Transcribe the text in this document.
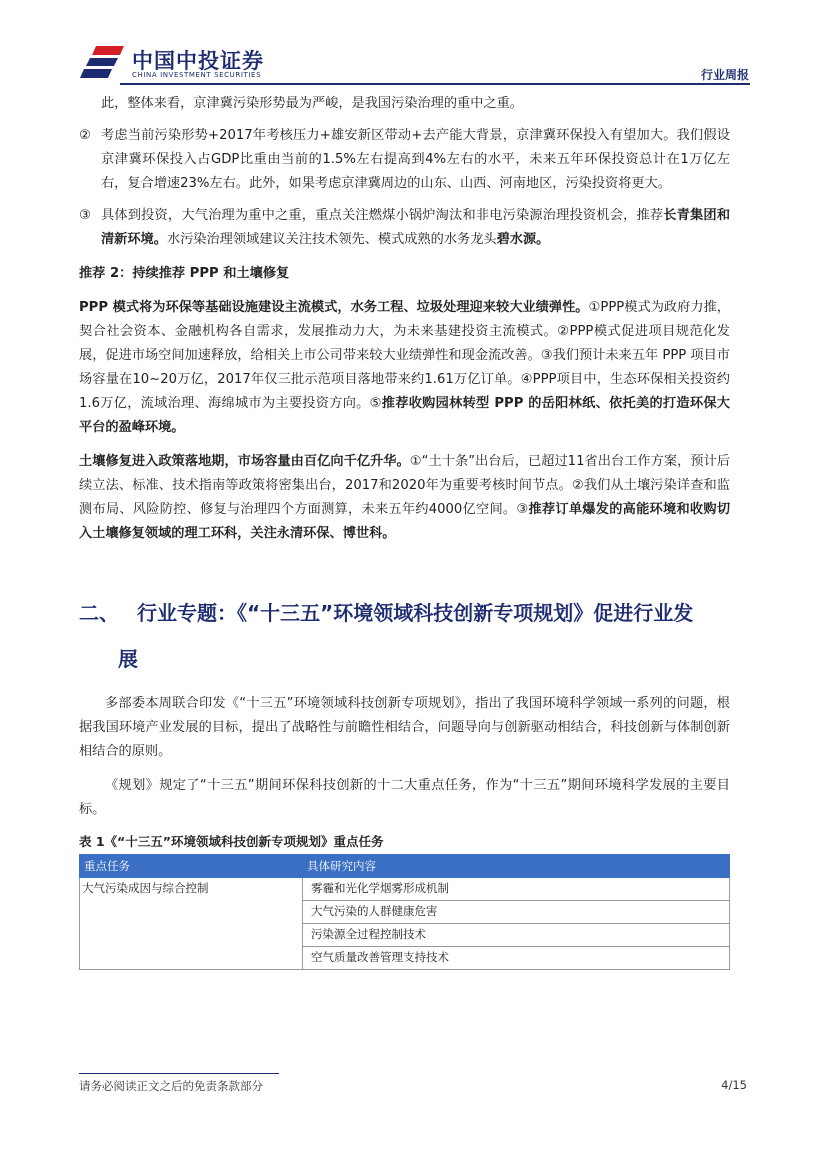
中国中投证券
CHINA INVESTMENT SECURITIES	行业周报

此，整体来看，京津冀污染形势最为严峻，是我国污染治理的重中之重。

② 考虑当前污染形势+2017年考核压力+雄安新区带动+去产能大背景，京津冀环保投入有望加大。我们假设京津冀环保投入占GDP比重由当前的1.5%左右提高到4%左右的水平，未来五年环保投资总计在1万亿左右，复合增速23%左右。此外，如果考虑京津冀周边的山东、山西、河南地区，污染投资将更大。

③ 具体到投资，大气治理为重中之重，重点关注燃煤小锅炉淘汰和非电污染源治理投资机会，推荐长青集团和清新环境。水污染治理领域建议关注技术领先、模式成熟的水务龙头碧水源。

推荐 2：持续推荐 PPP 和土壤修复

PPP 模式将为环保等基础设施建设主流模式，水务工程、垃圾处理迎来较大业绩弹性。①PPP模式为政府力推，契合社会资本、金融机构各自需求，发展推动力大，为未来基建投资主流模式。②PPP模式促进项目规范化发展，促进市场空间加速释放，给相关上市公司带来较大业绩弹性和现金流改善。③我们预计未来五年 PPP 项目市场容量在10~20万亿，2017年仅三批示范项目落地带来约1.61万亿订单。④PPP项目中，生态环保相关投资约1.6万亿，流域治理、海绵城市为主要投资方向。⑤推荐收购园林转型 PPP 的岳阳林纸、依托美的打造环保大平台的盈峰环境。

土壤修复进入政策落地期，市场容量由百亿向千亿升华。①“土十条”出台后，已超过11省出台工作方案，预计后续立法、标准、技术指南等政策将密集出台，2017和2020年为重要考核时间节点。②我们从土壤污染详查和监测布局、风险防控、修复与治理四个方面测算，未来五年约4000亿空间。③推荐订单爆发的高能环境和收购切入土壤修复领域的理工环科，关注永清环保、博世科。

二、 行业专题：《“十三五”环境领域科技创新专项规划》促进行业发
展

多部委本周联合印发《“十三五”环境领域科技创新专项规划》，指出了我国环境科学领域一系列的问题，根据我国环境产业发展的目标，提出了战略性与前瞻性相结合，问题导向与创新驱动相结合，科技创新与体制创新相结合的原则。

《规划》规定了“十三五”期间环保科技创新的十二大重点任务，作为“十三五”期间环境科学发展的主要目标。

表 1《“十三五”环境领域科技创新专项规划》重点任务
重点任务	具体研究内容
大气污染成因与综合控制	雾霾和光化学烟雾形成机制
	大气污染的人群健康危害
	污染源全过程控制技术
	空气质量改善管理支持技术
请务必阅读正文之后的免责条款部分	4/15
